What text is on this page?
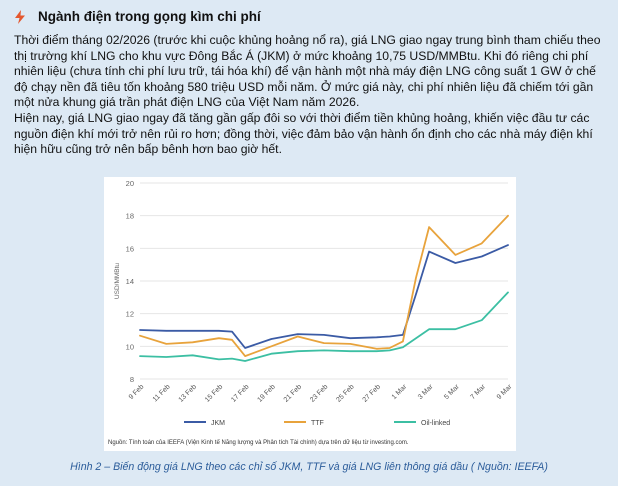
Ngành điện trong gọng kìm chi phí

Thời điểm tháng 02/2026 (trước khi cuộc khủng hoảng nổ ra), giá LNG giao ngay trung bình tham chiếu theo thị trường khí LNG cho khu vực Đông Bắc Á (JKM) ở mức khoảng 10,75 USD/MMBtu. Khi đó riêng chi phí nhiên liệu (chưa tính chi phí lưu trữ, tái hóa khí) để vận hành một nhà máy điện LNG công suất 1 GW ở chế độ chạy nền đã tiêu tốn khoảng 580 triệu USD mỗi năm. Ở mức giá này, chi phí nhiên liệu đã chiếm tới gần một nửa khung giá trần phát điện LNG của Việt Nam năm 2026.

Hiện nay, giá LNG giao ngay đã tăng gần gấp đôi so với thời điểm tiền khủng hoảng, khiến việc đầu tư các nguồn điện khí mới trở nên rủi ro hơn; đồng thời, việc đảm bảo vận hành ổn định cho các nhà máy điện khí hiện hữu cũng trở nên bấp bênh hơn bao giờ hết.

8
10
12
14
16
18
20
USD/MMBtu
9 Feb 11 Feb 13 Feb 15 Feb 17 Feb 19 Feb 21 Feb 23 Feb 25 Feb 27 Feb 1 Mar 3 Mar 5 Mar 7 Mar 9 Mar
JKM	TTF	Oil-linked
Nguồn: Tính toán của IEEFA (Viện Kinh tế Năng lượng và Phân tích Tài chính) dựa trên dữ liệu từ investing.com.
Hình 2 – Biến động giá LNG theo các chỉ số JKM, TTF và giá LNG liên thông giá dầu ( Nguồn: IEEFA)
